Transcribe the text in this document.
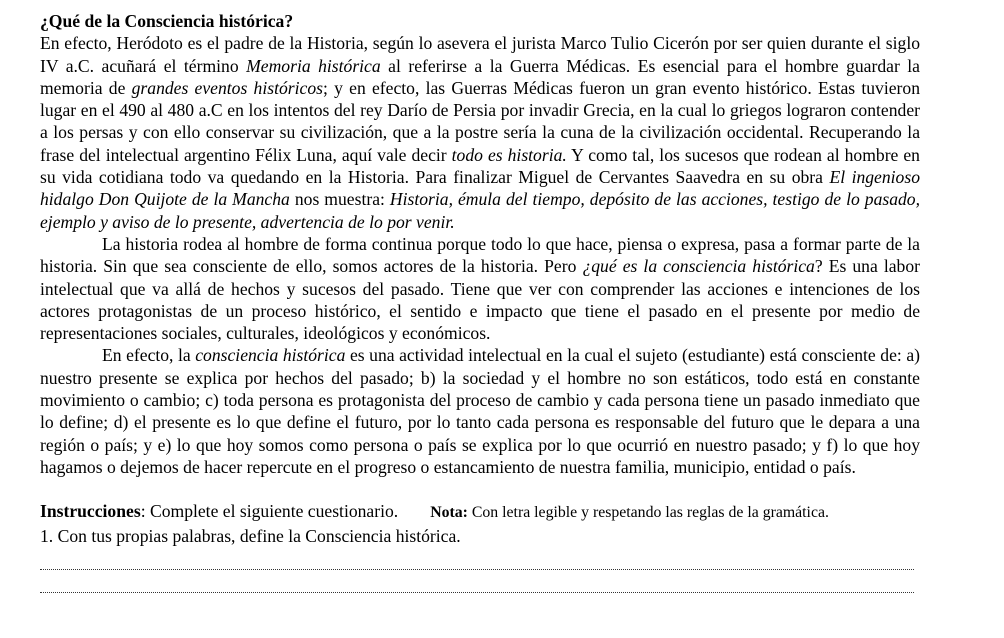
¿Qué de la Consciencia histórica?

En efecto, Heródoto es el padre de la Historia, según lo asevera el jurista Marco Tulio Cicerón por ser quien durante el siglo IV a.C. acuñará el término Memoria histórica al referirse a la Guerra Médicas. Es esencial para el hombre guardar la memoria de grandes eventos históricos; y en efecto, las Guerras Médicas fueron un gran evento histórico. Estas tuvieron lugar en el 490 al 480 a.C en los intentos del rey Darío de Persia por invadir Grecia, en la cual lo griegos lograron contender a los persas y con ello conservar su civilización, que a la postre sería la cuna de la civilización occidental. Recuperando la frase del intelectual argentino Félix Luna, aquí vale decir todo es historia. Y como tal, los sucesos que rodean al hombre en su vida cotidiana todo va quedando en la Historia. Para finalizar Miguel de Cervantes Saavedra en su obra El ingenioso hidalgo Don Quijote de la Mancha nos muestra: Historia, émula del tiempo, depósito de las acciones, testigo de lo pasado, ejemplo y aviso de lo presente, advertencia de lo por venir.

La historia rodea al hombre de forma continua porque todo lo que hace, piensa o expresa, pasa a formar parte de la historia. Sin que sea consciente de ello, somos actores de la historia. Pero ¿qué es la consciencia histórica? Es una labor intelectual que va allá de hechos y sucesos del pasado. Tiene que ver con comprender las acciones e intenciones de los actores protagonistas de un proceso histórico, el sentido e impacto que tiene el pasado en el presente por medio de representaciones sociales, culturales, ideológicos y económicos.

En efecto, la consciencia histórica es una actividad intelectual en la cual el sujeto (estudiante) está consciente de: a) nuestro presente se explica por hechos del pasado; b) la sociedad y el hombre no son estáticos, todo está en constante movimiento o cambio; c) toda persona es protagonista del proceso de cambio y cada persona tiene un pasado inmediato que lo define; d) el presente es lo que define el futuro, por lo tanto cada persona es responsable del futuro que le depara a una región o país; y e) lo que hoy somos como persona o país se explica por lo que ocurrió en nuestro pasado; y f) lo que hoy hagamos o dejemos de hacer repercute en el progreso o estancamiento de nuestra familia, municipio, entidad o país.

Instrucciones: Complete el siguiente cuestionario. Nota: Con letra legible y respetando las reglas de la gramática.

1. Con tus propias palabras, define la Consciencia histórica.
